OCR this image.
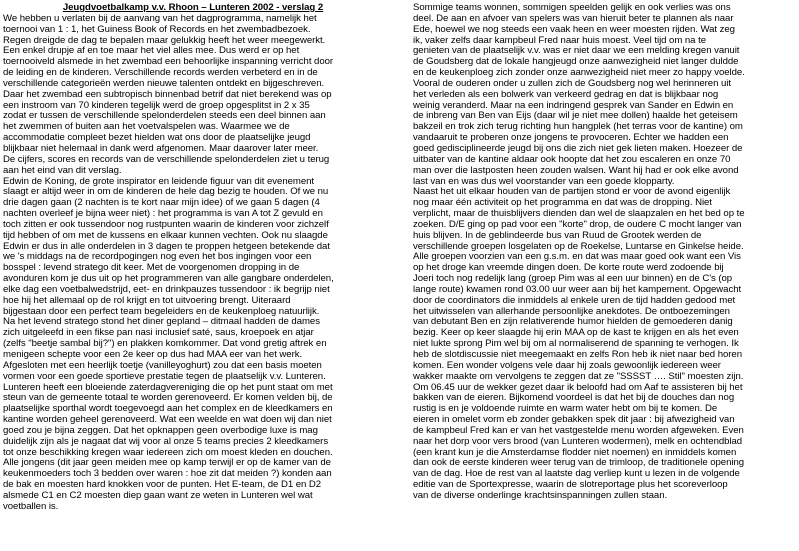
Jeugdvoetbalkamp v.v. Rhoon – Lunteren 2002 - verslag 2
We hebben u verlaten bij de aanvang van het dagprogramma, namelijk het
toernooi van 1 : 1, het Guiness Book of Records en het zwembadbezoek.
Regen dreigde de dag te bepalen maar gelukkig heeft het weer meegewerkt.
Een enkel drupje af en toe maar het viel alles mee. Dus werd er op het
toernooiveld alsmede in het zwembad een behoorlijke inspanning verricht door
de leiding en de kinderen. Verschillende records werden verbeterd en in de
verschillende categorieën werden nieuwe talenten ontdekt en bijgeschreven.
Daar het zwembad een subtropisch binnenbad betrif dat niet berekend was op
een instroom van 70 kinderen tegelijk werd de groep opgesplitst in 2 x 35
zodat er tussen de verschillende spelonderdelen steeds een deel binnen aan
het zwemmen of buiten aan het voetvalspelen was. Waarmee we de
accommodatie compleet bezet hielden wat ons door de plaatselijke jeugd
blijkbaar niet helemaal in dank werd afgenomen. Maar daarover later meer.
De cijfers, scores en records van de verschillende spelonderdelen ziet u terug
aan het eind van dit verslag.
Edwin de Koning, de grote inspirator en leidende figuur van dit evenement
slaagt er altijd weer in om de kinderen de hele dag bezig te houden. Of we nu
drie dagen gaan (2 nachten is te kort naar mijn idee) of we gaan 5 dagen (4
nachten overleef je bijna weer niet) : het programma is van A tot Z gevuld en
toch zitten er ook tussendoor nog rustpunten waarin de kinderen voor zichzelf
tijd hebben of om met de kussens en elkaar kunnen vechten. Ook nu slaagde
Edwin er dus in alle onderdelen in 3 dagen te proppen hetgeen betekende dat
we 's middags na de recordpogingen nog even het bos ingingen voor een
bosspel : levend stratego dit keer. Met de voorgenomen dropping in de
avonduren kom je dus uit op het programmeren van alle gangbare onderdelen,
elke dag een voetbalwedstrijd, eet- en drinkpauzes tussendoor : ik begrijp niet
hoe hij het allemaal op de rol krijgt en tot uitvoering brengt. Uiteraard
bijgestaan door een perfect team begeleiders en de keukenploeg natuurlijk.
Na het levend stratego stond het diner gepland – ditmaal hadden de dames
zich uitgeleefd in een fikse pan nasi inclusief saté, saus, kroepoek en atjar
(zelfs "beetje sambal bij?") en plakken komkommer. Dat vond gretig aftrek en
menigeen schepte voor een 2e keer op dus had MAA eer van het werk.
Afgesloten met een heerlijk toetje (vanilleyoghurt) zou dat een basis moeten
vormen voor een goede sportieve prestatie tegen de plaatselijk v.v. Lunteren.
Lunteren heeft een bloeiende zaterdagvereniging die op het punt staat om met
steun van de gemeente totaal te worden gerenoveerd. Er komen velden bij, de
plaatselijke sporthal wordt toegevoegd aan het complex en de kleedkamers en
kantine worden geheel gerenoveerd. Wat een weelde en wat doen wij dan niet
goed zou je bijna zeggen. Dat het opknappen geen overbodige luxe is mag
duidelijk zijn als je nagaat dat wij voor al onze 5 teams precies 2 kleedkamers
tot onze beschikking kregen waar iedereen zich om moest kleden en douchen.
Alle jongens (dit jaar geen meiden mee op kamp terwijl er op de kamer van de
keukenmoeders toch 3 bedden over waren : hoe zit dat meiden ?) konden aan
de bak en moesten hard knokken voor de punten. Het E-team, de D1 en D2
alsmede C1 en C2 moesten diep gaan want ze weten in Lunteren wel wat
voetballen is.
Sommige teams wonnen, sommigen speelden gelijk en ook verlies was ons
deel. De aan en afvoer van spelers was van hieruit beter te plannen als naar
Ede, hoewel we nog steeds een vaak heen en weer moesten rijden. Wat zeg
ik, vaker zelfs daar kampbeul Fred naar huis moest. Veel tijd om na te
genieten van de plaatselijk v.v. was er niet daar we een melding kregen vanuit
de Goudsberg dat de lokale hangjeugd onze aanwezigheid niet langer duldde
en de keukenploeg zich zonder onze aanwezigheid niet meer zo happy voelde.
Vooral de ouderen onder u zullen zich de Goudsberg nog wel herinneren uit
het verleden als een bolwerk van verkeerd gedrag en dat is blijkbaar nog
weinig veranderd. Maar na een indringend gesprek van Sander en Edwin en
de inbreng van Ben van Eijs (daar wil je niet mee dollen) haalde het geteisem
bakzeil en trok zich terug richting hun hangplek (het terras voor de kantine) om
vandaaruit te proberen onze jongens te provoceren. Echter we hadden een
goed gedisciplineerde jeugd bij ons die zich niet gek lieten maken. Hoezeer de
uitbater van de kantine aldaar ook hoopte dat het zou escaleren en onze 70
man over die lastposten heen zouden walsen. Want hij had er ook elke avond
last van en was dus wel voorstander van een goede klopparty.
Naast het uit elkaar houden van de partijen stond er voor de avond eigenlijk
nog maar één activiteit op het programma en dat was de dropping. Niet
verplicht, maar de thuisblijvers dienden dan wel de slaapzalen en het bed op te
zoeken. D/E ging op pad voor een "korte" drop, de oudere C mocht langer van
huis blijven. In de geblindeerde bus van Ruud de Grootek werden de
verschillende groepen losgelaten op de Roekelse, Luntarse en Ginkelse heide.
Alle groepen voorzien van een g.s.m. en dat was maar goed ook want een Vis
op het droge kan vreemde dingen doen. De korte route werd zodoende bij
Joeri toch nog redelijk lang (groep Pim was al een uur binnen) en de C's (op
lange route) kwamen rond 03.00 uur weer aan bij het kampement. Opgewacht
door de coordinators die inmiddels al enkele uren de tijd hadden gedood met
het uitwisselen van allerhande persoonlijke anekdotes. De ontboezemingen
van debutant Ben en zijn relativerende humor hielden de gemoederen danig
bezig. Keer op keer slaagde hij erin MAA op de kast te krijgen en als het even
niet lukte sprong Pim wel bij om al normaliserend de spanning te verhogen. Ik
heb de slotdiscussie niet meegemaakt en zelfs Ron heb ik niet naar bed horen
komen. Een wonder volgens vele daar hij zoals gewoonlijk iedereen weer
wakker maakte om vervolgens te zeggen dat ze "SSSST …. Stil" moesten zijn.
Om 06.45 uur de wekker gezet daar ik beloofd had om Aaf te assisteren bij het
bakken van de eieren. Bijkomend voordeel is dat het bij de douches dan nog
rustig is en je voldoende ruimte en warm water hebt om bij te komen. De
eieren in omelet vorm eb zonder gebakken spek dit jaar : bij afwezigheid van
de kampbeul Fred kan er van het vastgestelde menu worden afgeweken. Even
naar het dorp voor vers brood (van Lunteren wodermen), melk en ochtendblad
(een krant kun je die Amsterdamse flodder niet noemen) en inmiddels komen
dan ook de eerste kinderen weer terug van de trimloop, de traditionele opening
van de dag. Hoe de rest van al laatste dag verliep kunt u lezen in de volgende
editie van de Sportexpresse, waarin de slotreportage plus het scoreverloop
van de diverse onderlinge krachtsinspanningen zullen staan.
